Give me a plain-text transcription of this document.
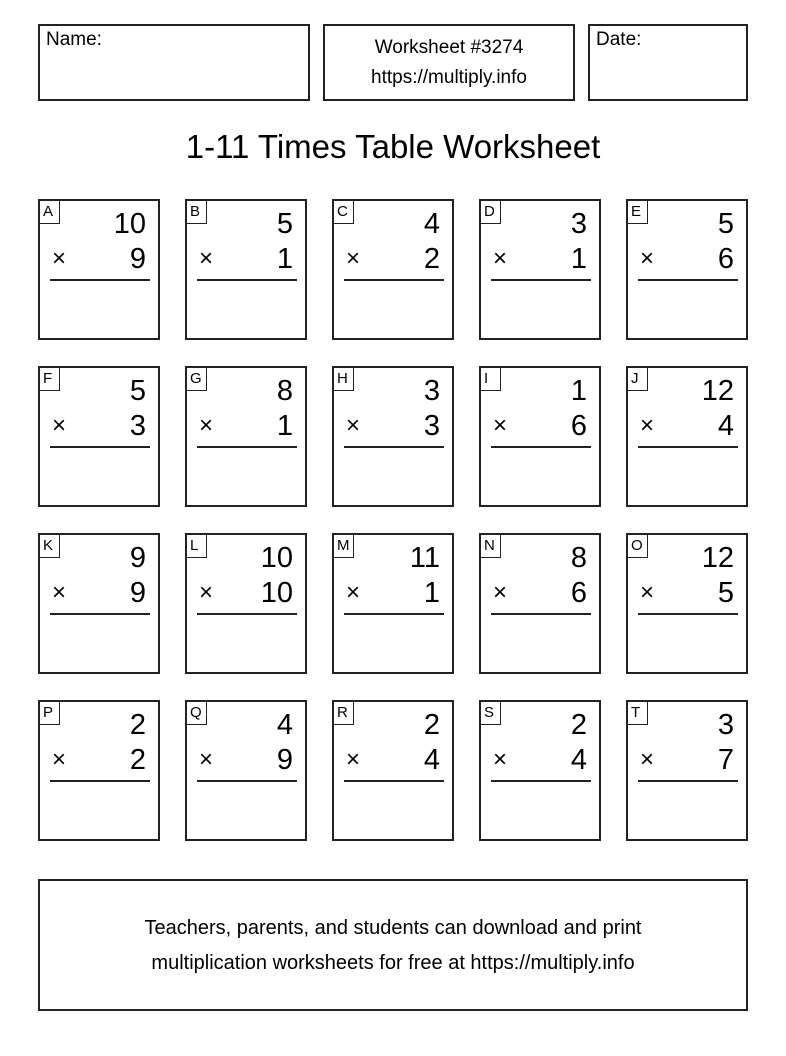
Name:	Worksheet #3274
https://multiply.info
Date:
1-11 Times Table Worksheet
A 10
× 9
B	5
× 1
C	4
× 2
D	3
× 1
E	5
× 6
F	5
× 3
G	8
× 1
H	3
× 3
I	1
× 6
J	12
× 4
K	9
× 9
L 10
× 10
M 11
× 1
N	8
× 6
O 12
× 5
P	2
× 2
Q	4
× 9
R	2
× 4
S	2
× 4
T	3
× 7
Teachers, parents, and students can download and print
multiplication worksheets for free at https://multiply.info
